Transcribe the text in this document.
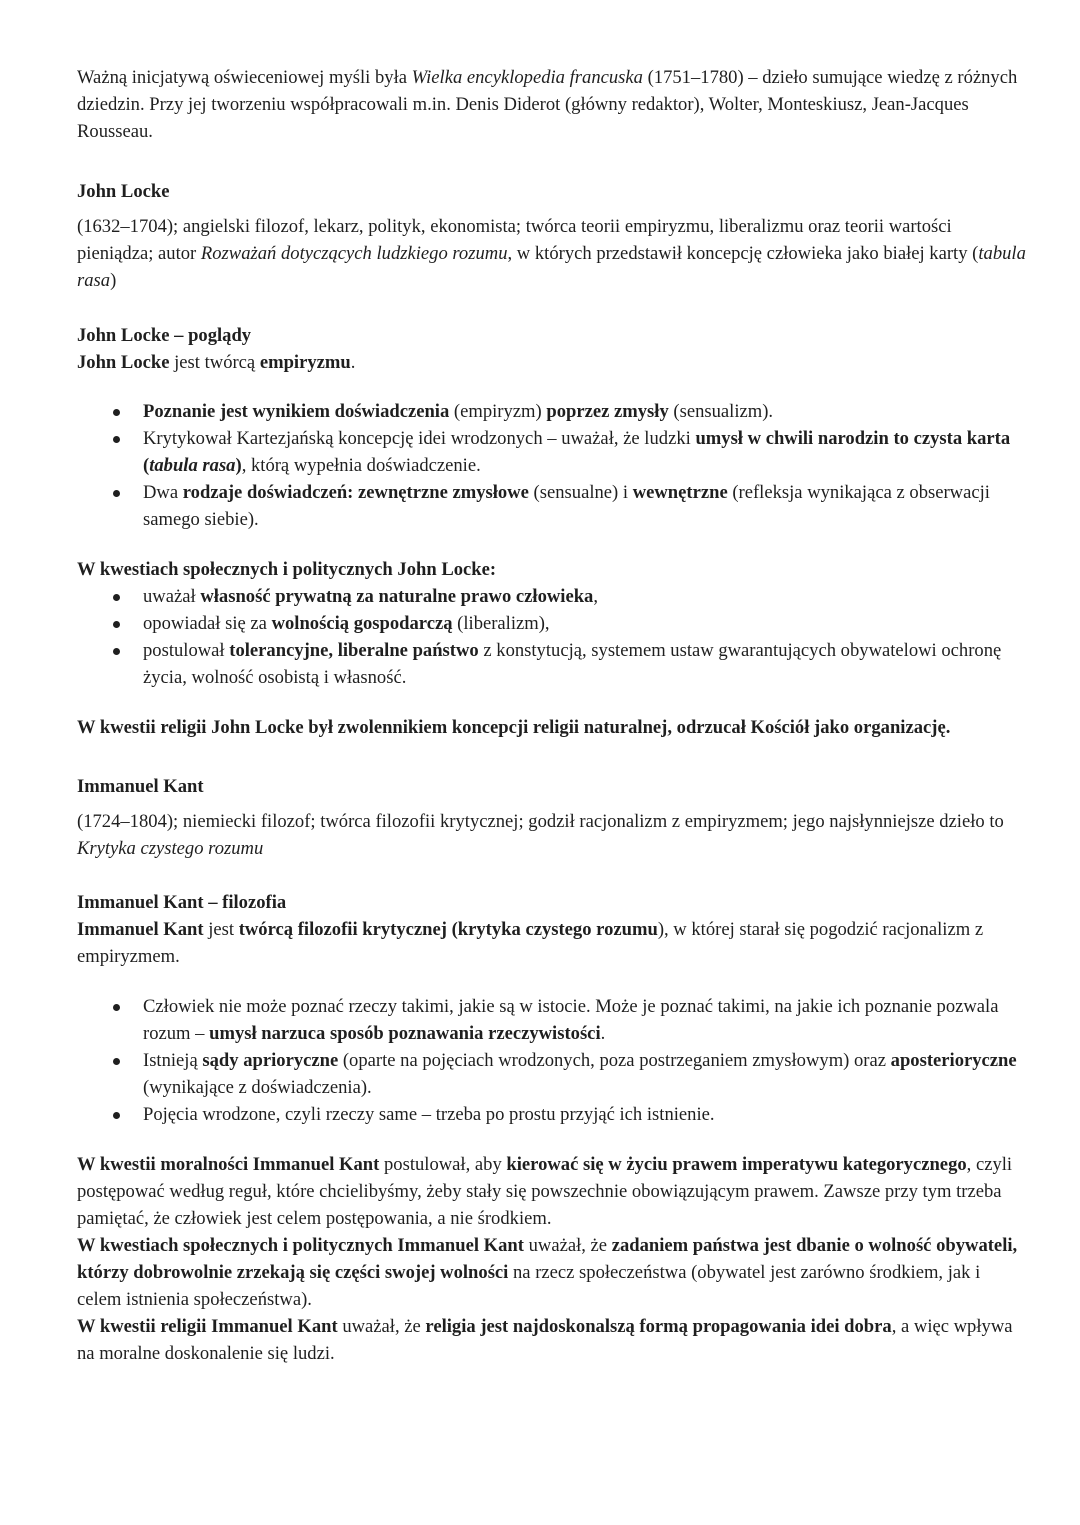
Ważną inicjatywą oświeceniowej myśli była Wielka encyklopedia francuska (1751–1780) – dzieło sumujące wiedzę z różnych dziedzin. Przy jej tworzeniu współpracowali m.in. Denis Diderot (główny redaktor), Wolter, Monteskiusz, Jean-Jacques Rousseau.

John Locke

(1632–1704); angielski filozof, lekarz, polityk, ekonomista; twórca teorii empiryzmu, liberalizmu oraz teorii wartości pieniądza; autor Rozważań dotyczących ludzkiego rozumu, w których przedstawił koncepcję człowieka jako białej karty (tabula rasa)

John Locke – poglądy

John Locke jest twórcą empiryzmu.

Poznanie jest wynikiem doświadczenia (empiryzm) poprzez zmysły (sensualizm).
Krytykował Kartezjańską koncepcję idei wrodzonych – uważał, że ludzki umysł w chwili narodzin to czysta karta (tabula rasa), którą wypełnia doświadczenie.
Dwa rodzaje doświadczeń: zewnętrzne zmysłowe (sensualne) i wewnętrzne (refleksja wynikająca z obserwacji samego siebie).

W kwestiach społecznych i politycznych John Locke:

uważał własność prywatną za naturalne prawo człowieka,
opowiadał się za wolnością gospodarczą (liberalizm),
postulował tolerancyjne, liberalne państwo z konstytucją, systemem ustaw gwarantujących obywatelowi ochronę życia, wolność osobistą i własność.

W kwestii religii John Locke był zwolennikiem koncepcji religii naturalnej, odrzucał Kościół jako organizację.

Immanuel Kant

(1724–1804); niemiecki filozof; twórca filozofii krytycznej; godził racjonalizm z empiryzmem; jego najsłynniejsze dzieło to Krytyka czystego rozumu

Immanuel Kant – filozofia

Immanuel Kant jest twórcą filozofii krytycznej (krytyka czystego rozumu), w której starał się pogodzić racjonalizm z empiryzmem.

Człowiek nie może poznać rzeczy takimi, jakie są w istocie. Może je poznać takimi, na jakie ich poznanie pozwala rozum – umysł narzuca sposób poznawania rzeczywistości.
Istnieją sądy aprioryczne (oparte na pojęciach wrodzonych, poza postrzeganiem zmysłowym) oraz aposterioryczne (wynikające z doświadczenia).
Pojęcia wrodzone, czyli rzeczy same – trzeba po prostu przyjąć ich istnienie.

W kwestii moralności Immanuel Kant postulował, aby kierować się w życiu prawem imperatywu kategorycznego, czyli postępować według reguł, które chcielibyśmy, żeby stały się powszechnie obowiązującym prawem. Zawsze przy tym trzeba pamiętać, że człowiek jest celem postępowania, a nie środkiem.

W kwestiach społecznych i politycznych Immanuel Kant uważał, że zadaniem państwa jest dbanie o wolność obywateli, którzy dobrowolnie zrzekają się części swojej wolności na rzecz społeczeństwa (obywatel jest zarówno środkiem, jak i celem istnienia społeczeństwa).

W kwestii religii Immanuel Kant uważał, że religia jest najdoskonalszą formą propagowania idei dobra, a więc wpływa na moralne doskonalenie się ludzi.
